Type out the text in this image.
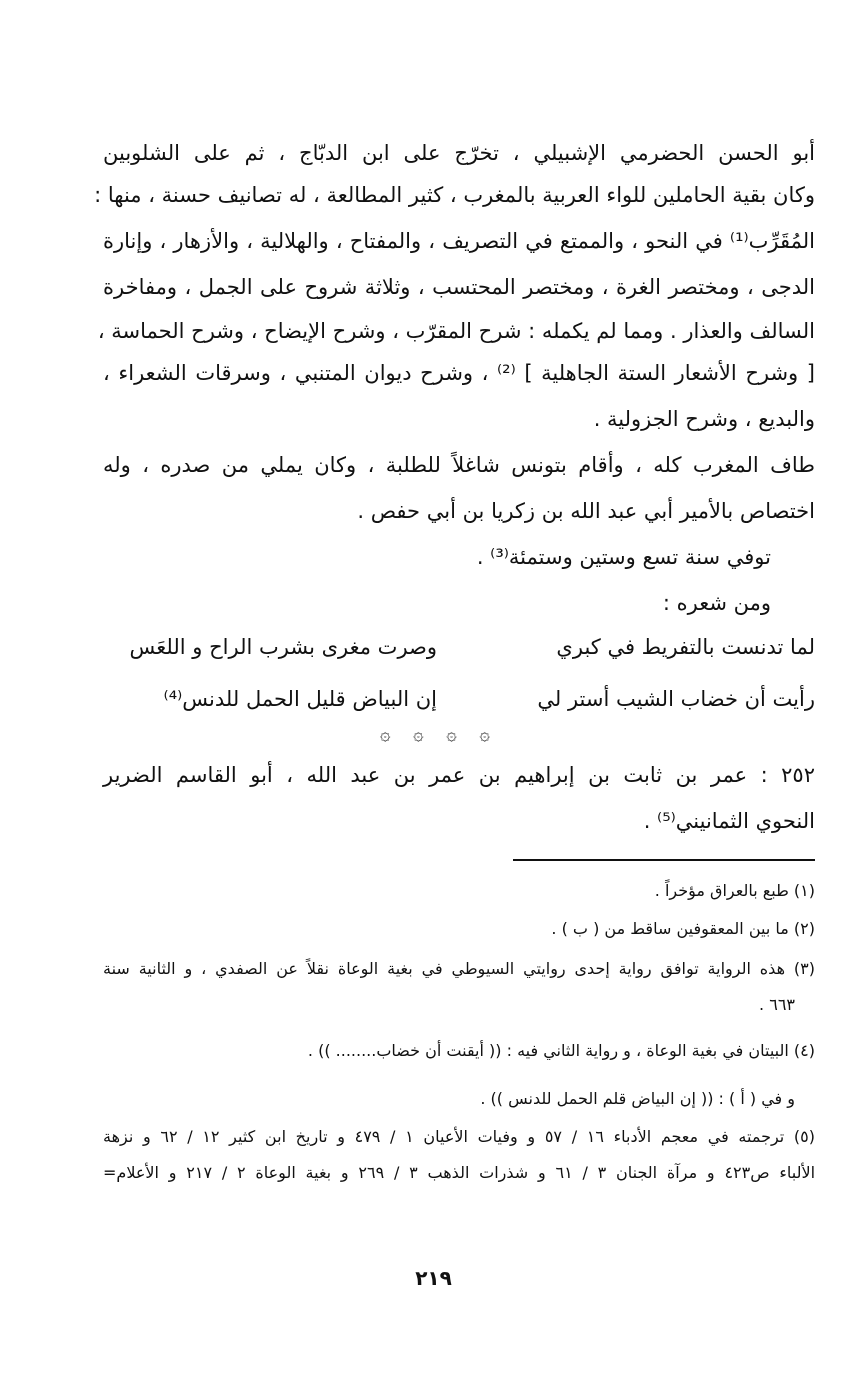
أبو الحسن الحضرمي الإشبيلي ، تخرّج على ابن الدبّاج ، ثم على الشلوبين
وكان بقية الحاملين للواء العربية بالمغرب ، كثير المطالعة ، له تصانيف حسنة ، منها :
المُقَرِّب⁽¹⁾ في النحو ، والممتع في التصريف ، والمفتاح ، والهلالية ، والأزهار ، وإنارة
الدجى ، ومختصر الغرة ، ومختصر المحتسب ، وثلاثة شروح على الجمل ، ومفاخرة
السالف والعذار . ومما لم يكمله : شرح المقرّب ، وشرح الإيضاح ، وشرح الحماسة ،
[ وشرح الأشعار الستة الجاهلية ] ⁽²⁾ ، وشرح ديوان المتنبي ، وسرقات الشعراء ،
والبديع ، وشرح الجزولية .
طاف المغرب كله ، وأقام بتونس شاغلاً للطلبة ، وكان يملي من صدره ، وله
اختصاص بالأمير أبي عبد الله بن زكريا بن أبي حفص .
توفي سنة تسع وستين وستمئة⁽³⁾ .
ومن شعره :
لما تدنست بالتفريط في كبري
وصرت مغرى بشرب الراح و اللعَس
رأيت أن خضاب الشيب أستر لي
إن البياض قليل الحمل للدنس⁽⁴⁾
۞ ۞ ۞ ۞
٢٥٢ : عمر بن ثابت بن إبراهيم بن عمر بن عبد الله ، أبو القاسم الضرير
النحوي الثمانيني⁽⁵⁾ .
(١) طبع بالعراق مؤخراً .
(٢) ما بين المعقوفين ساقط من ( ب ) .
(٣) هذه الرواية توافق رواية إحدى روايتي السيوطي في بغية الوعاة نقلاً عن الصفدي ، و الثانية سنة
. ٦٦٣
(٤) البيتان في بغية الوعاة ، و رواية الثاني فيه : (( أيقنت أن خضاب........ )) .
و في ( أ ) : (( إن البياض قلم الحمل للدنس )) .
(٥) ترجمته في معجم الأدباء ١٦ / ٥٧ و وفيات الأعيان ١ / ٤٧٩ و تاريخ ابن كثير ١٢ / ٦٢ و نزهة
الألباء ص٤٢٣ و مرآة الجنان ٣ / ٦١ و شذرات الذهب ٣ / ٢٦٩ و بغية الوعاة ٢ / ٢١٧ و الأعلام=
٢١٩
